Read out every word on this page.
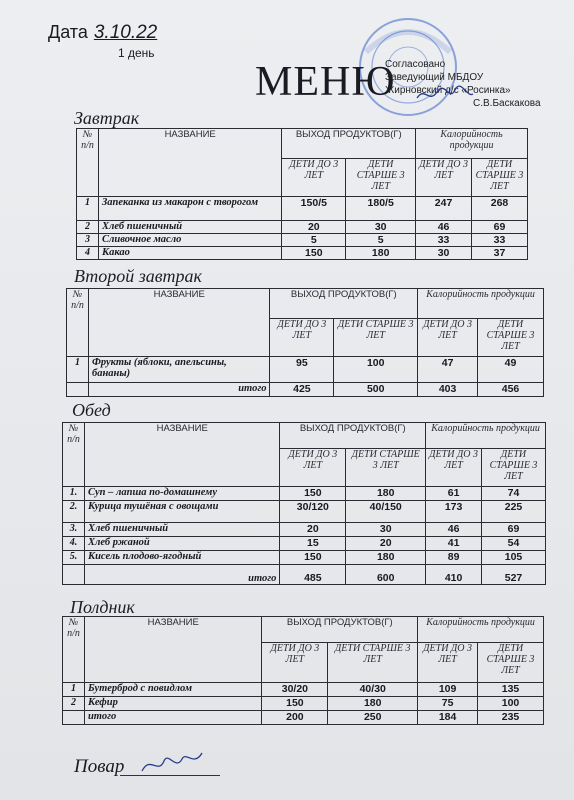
Дата 3.10.22
1 день
МЕНЮ
Согласовано
Заведующий МБДОУ
Жирновский д/с «Росинка»
С.В.Баскакова
Завтрак
№ п/п	НАЗВАНИЕ	ВЫХОД ПРОДУКТОВ(Г)		Калорийность продукции	
		ДЕТИ ДО 3 ЛЕТ	ДЕТИ СТАРШЕ 3 ЛЕТ	ДЕТИ ДО 3 ЛЕТ	ДЕТИ СТАРШЕ 3 ЛЕТ
1	Запеканка из макарон с творогом	150/5	180/5	247	268
2	Хлеб пшеничный	20	30	46	69
3	Сливочное масло	5	5	33	33
4	Какао	150	180	30	37
Второй завтрак
№ п/п	НАЗВАНИЕ	ВЫХОД ПРОДУКТОВ(Г)		Калорийность продукции	
		ДЕТИ ДО 3 ЛЕТ	ДЕТИ СТАРШЕ 3 ЛЕТ	ДЕТИ ДО 3 ЛЕТ	ДЕТИ СТАРШЕ 3 ЛЕТ
1	Фрукты (яблоки, апельсины, бананы)	95	100	47	49
	итого	425	500	403	456
Обед
№ п/п	НАЗВАНИЕ	ВЫХОД ПРОДУКТОВ(Г)		Калорийность продукции	
		ДЕТИ ДО 3 ЛЕТ	ДЕТИ СТАРШЕ 3 ЛЕТ	ДЕТИ ДО 3 ЛЕТ	ДЕТИ СТАРШЕ 3 ЛЕТ
1.	Суп – лапша по-домашнему	150	180	61	74
2.	Курица тушёная с овощами	30/120	40/150	173	225
3.	Хлеб пшеничный	20	30	46	69
4.	Хлеб ржаной	15	20	41	54
5.	Кисель плодово-ягодный	150	180	89	105
	итого	485	600	410	527
Полдник
№ п/п	НАЗВАНИЕ	ВЫХОД ПРОДУКТОВ(Г)		Калорийность продукции	
		ДЕТИ ДО 3 ЛЕТ	ДЕТИ СТАРШЕ 3 ЛЕТ	ДЕТИ ДО 3 ЛЕТ	ДЕТИ СТАРШЕ 3 ЛЕТ
1	Бутерброд с повидлом	30/20	40/30	109	135
2	Кефир	150	180	75	100
	итого	200	250	184	235
Повар
